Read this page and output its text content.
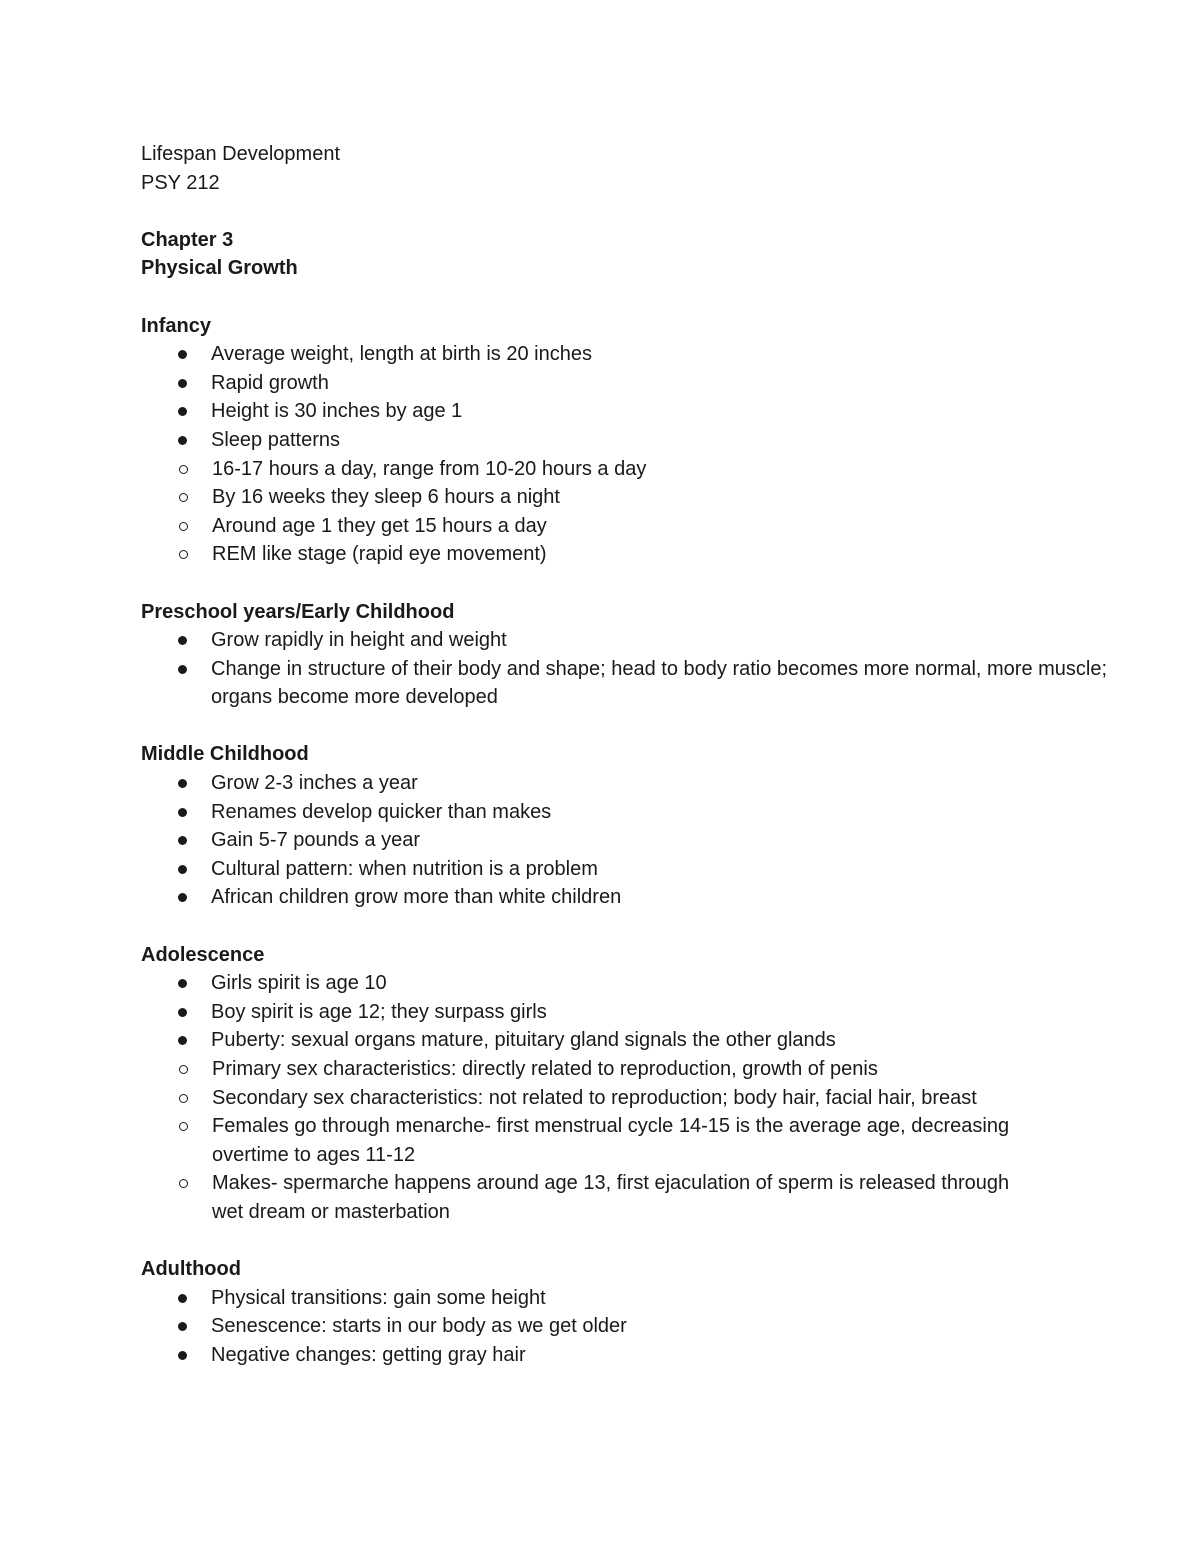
Lifespan Development
PSY 212
Chapter 3
Physical Growth
Infancy
Average weight, length at birth is 20 inches
Rapid growth
Height is 30 inches by age 1
Sleep patterns
16-17 hours a day, range from 10-20 hours a day
By 16 weeks they sleep 6 hours a night
Around age 1 they get 15 hours a day
REM like stage (rapid eye movement)
Preschool years/Early Childhood
Grow rapidly in height and weight
Change in structure of their body and shape; head to body ratio becomes more normal, more muscle; organs become more developed
Middle Childhood
Grow 2-3 inches a year
Renames develop quicker than makes
Gain 5-7 pounds a year
Cultural pattern: when nutrition is a problem
African children grow more than white children
Adolescence
Girls spirit is age 10
Boy spirit is age 12; they surpass girls
Puberty: sexual organs mature, pituitary gland signals the other glands
Primary sex characteristics: directly related to reproduction, growth of penis
Secondary sex characteristics: not related to reproduction; body hair, facial hair, breast
Females go through menarche- first menstrual cycle 14-15 is the average age, decreasing overtime to ages 11-12
Makes- spermarche happens around age 13, first ejaculation of sperm is released through wet dream or masterbation
Adulthood
Physical transitions: gain some height
Senescence: starts in our body as we get older
Negative changes: getting gray hair
